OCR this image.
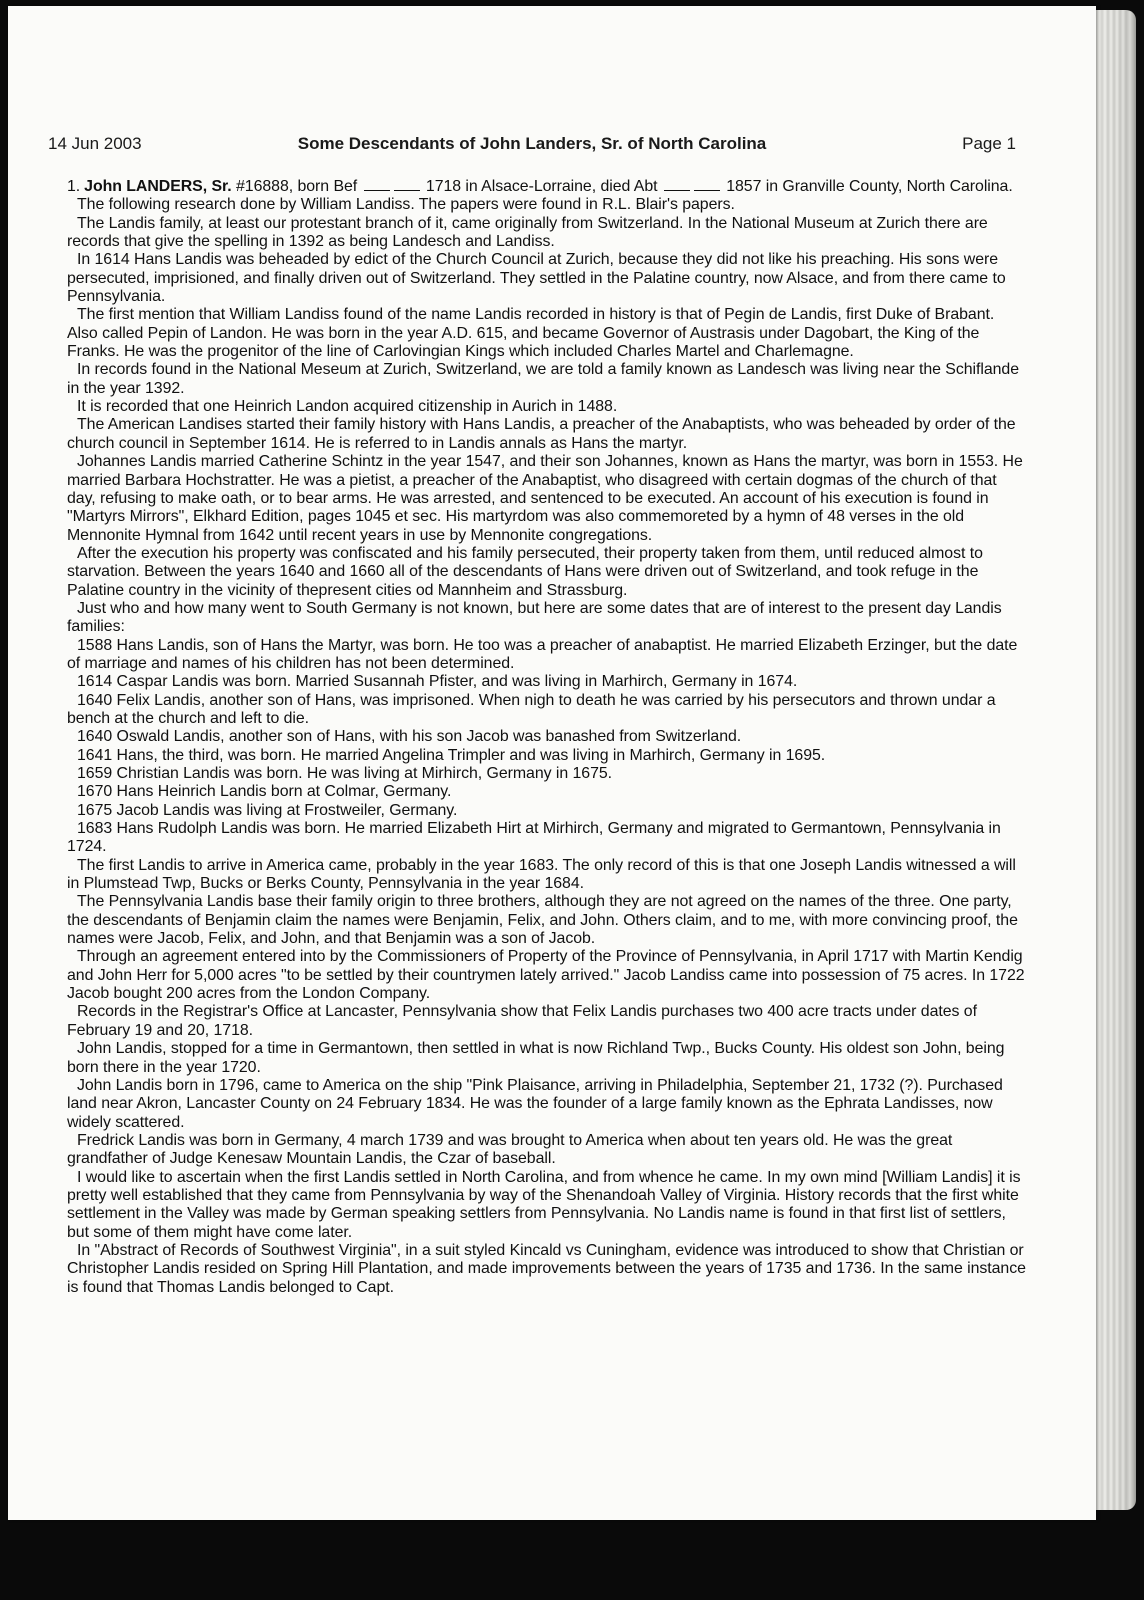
14 Jun 2003	Some Descendants of John Landers, Sr. of North Carolina	Page 1

1. John LANDERS, Sr. #16888, born Bef	1718 in Alsace-Lorraine, died Abt	1857 in Granville County, North Carolina.

The following research done by William Landiss. The papers were found in R.L. Blair's papers.

The Landis family, at least our protestant branch of it, came originally from Switzerland. In the National Museum at Zurich there are records that give the spelling in 1392 as being Landesch and Landiss.

In 1614 Hans Landis was beheaded by edict of the Church Council at Zurich, because they did not like his preaching. His sons were persecuted, imprisioned, and finally driven out of Switzerland. They settled in the Palatine country, now Alsace, and from there came to Pennsylvania.

The first mention that William Landiss found of the name Landis recorded in history is that of Pegin de Landis, first Duke of Brabant. Also called Pepin of Landon. He was born in the year A.D. 615, and became Governor of Austrasis under Dagobart, the King of the Franks. He was the progenitor of the line of Carlovingian Kings which included Charles Martel and Charlemagne.

In records found in the National Meseum at Zurich, Switzerland, we are told a family known as Landesch was living near the Schiflande in the year 1392.

It is recorded that one Heinrich Landon acquired citizenship in Aurich in 1488.

The American Landises started their family history with Hans Landis, a preacher of the Anabaptists, who was beheaded by order of the church council in September 1614. He is referred to in Landis annals as Hans the martyr.

Johannes Landis married Catherine Schintz in the year 1547, and their son Johannes, known as Hans the martyr, was born in 1553. He married Barbara Hochstratter. He was a pietist, a preacher of the Anabaptist, who disagreed with certain dogmas of the church of that day, refusing to make oath, or to bear arms. He was arrested, and sentenced to be executed. An account of his execution is found in "Martyrs Mirrors", Elkhard Edition, pages 1045 et sec. His martyrdom was also commemoreted by a hymn of 48 verses in the old Mennonite Hymnal from 1642 until recent years in use by Mennonite congregations.

After the execution his property was confiscated and his family persecuted, their property taken from them, until reduced almost to starvation. Between the years 1640 and 1660 all of the descendants of Hans were driven out of Switzerland, and took refuge in the Palatine country in the vicinity of thepresent cities od Mannheim and Strassburg.

Just who and how many went to South Germany is not known, but here are some dates that are of interest to the present day Landis families:

1588 Hans Landis, son of Hans the Martyr, was born. He too was a preacher of anabaptist. He married Elizabeth Erzinger, but the date of marriage and names of his children has not been determined.

1614 Caspar Landis was born. Married Susannah Pfister, and was living in Marhirch, Germany in 1674.

1640 Felix Landis, another son of Hans, was imprisoned. When nigh to death he was carried by his persecutors and thrown undar a bench at the church and left to die.

1640 Oswald Landis, another son of Hans, with his son Jacob was banashed from Switzerland.

1641 Hans, the third, was born. He married Angelina Trimpler and was living in Marhirch, Germany in 1695.

1659 Christian Landis was born. He was living at Mirhirch, Germany in 1675.

1670 Hans Heinrich Landis born at Colmar, Germany.

1675 Jacob Landis was living at Frostweiler, Germany.

1683 Hans Rudolph Landis was born. He married Elizabeth Hirt at Mirhirch, Germany and migrated to Germantown, Pennsylvania in 1724.

The first Landis to arrive in America came, probably in the year 1683. The only record of this is that one Joseph Landis witnessed a will in Plumstead Twp, Bucks or Berks County, Pennsylvania in the year 1684.

The Pennsylvania Landis base their family origin to three brothers, although they are not agreed on the names of the three. One party, the descendants of Benjamin claim the names were Benjamin, Felix, and John. Others claim, and to me, with more convincing proof, the names were Jacob, Felix, and John, and that Benjamin was a son of Jacob.

Through an agreement entered into by the Commissioners of Property of the Province of Pennsylvania, in April 1717 with Martin Kendig and John Herr for 5,000 acres "to be settled by their countrymen lately arrived." Jacob Landiss came into possession of 75 acres. In 1722 Jacob bought 200 acres from the London Company.

Records in the Registrar's Office at Lancaster, Pennsylvania show that Felix Landis purchases two 400 acre tracts under dates of February 19 and 20, 1718.

John Landis, stopped for a time in Germantown, then settled in what is now Richland Twp., Bucks County. His oldest son John, being born there in the year 1720.

John Landis born in 1796, came to America on the ship "Pink Plaisance, arriving in Philadelphia, September 21, 1732 (?). Purchased land near Akron, Lancaster County on 24 February 1834. He was the founder of a large family known as the Ephrata Landisses, now widely scattered.

Fredrick Landis was born in Germany, 4 march 1739 and was brought to America when about ten years old. He was the great grandfather of Judge Kenesaw Mountain Landis, the Czar of baseball.

I would like to ascertain when the first Landis settled in North Carolina, and from whence he came. In my own mind [William Landis] it is pretty well established that they came from Pennsylvania by way of the Shenandoah Valley of Virginia. History records that the first white settlement in the Valley was made by German speaking settlers from Pennsylvania. No Landis name is found in that first list of settlers, but some of them might have come later.

In "Abstract of Records of Southwest Virginia", in a suit styled Kincald vs Cuningham, evidence was introduced to show that Christian or Christopher Landis resided on Spring Hill Plantation, and made improvements between the years of 1735 and 1736. In the same instance is found that Thomas Landis belonged to Capt.
